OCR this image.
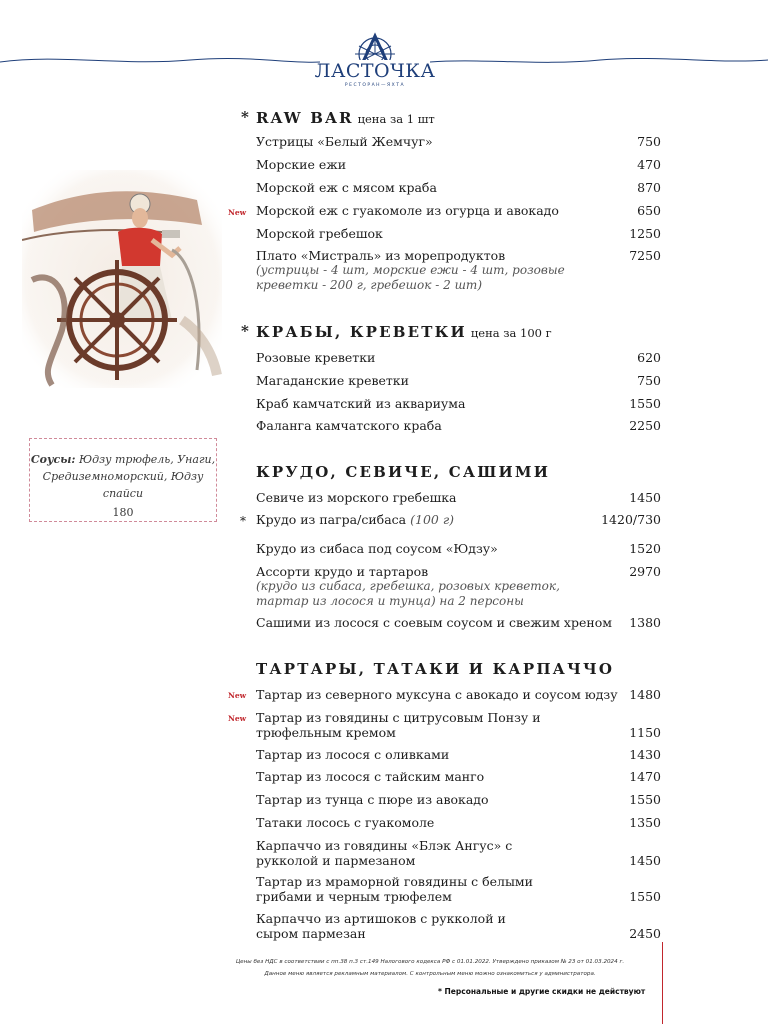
ЛАСТОЧКА
РЕСТОРАН—ЯХТА
Соусы: Юдзу трюфель, Унаги, Средиземноморский, Юдзу спайси
180
* RAW BAR цена за 1 шт
Устрицы «Белый Жемчуг»	750
Морские ежи	470
Морской еж с мясом краба	870
New Морской еж с гуакомоле из огурца и авокадо	650
Морской гребешок	1250
Плато «Мистраль» из морепродуктов
(устрицы - 4 шт, морские ежи - 4 шт, розовые креветки - 200 г, гребешок - 2 шт)
7250
* КРАБЫ, КРЕВЕТКИ цена за 100 г
Розовые креветки	620
Магаданские креветки	750
Краб камчатский из аквариума	1550
Фаланга камчатского краба	2250
КРУДО, СЕВИЧЕ, САШИМИ
Севиче из морского гребешка	1450
* Крудо из пагра/сибаса (100 г)	1420/730
Крудо из сибаса под соусом «Юдзу»	1520
Ассорти крудо и тартаров
(крудо из сибаса, гребешка, розовых креветок, тартар из лосося и тунца) на 2 персоны
2970
Сашими из лосося с соевым соусом и свежим хреном	1380
ТАРТАРЫ, ТАТАКИ И КАРПАЧЧО
New Тартар из северного муксуна с авокадо и соусом юдзу 1480
New Тартар из говядины с цитрусовым Понзу и трюфельным кремом	1150
Тартар из лосося с оливками	1430
Тартар из лосося с тайским манго	1470
Тартар из тунца с пюре из авокадо	1550
Татаки лосось с гуакомоле	1350
Карпаччо из говядины «Блэк Ангус» с рукколой и пармезаном	1450
Тартар из мраморной говядины с белыми грибами и черным трюфелем	1550
Карпаччо из артишоков с рукколой и сыром пармезан	2450
Цены без НДС в соответствии с пп.38 п.3 ст.149 Налогового кодекса РФ с 01.01.2022. Утверждено приказом № 23 от 01.03.2024 г.
Данное меню является рекламным материалом. С контрольным меню можно ознакомиться у администратора.
* Персональные и другие скидки не действуют
